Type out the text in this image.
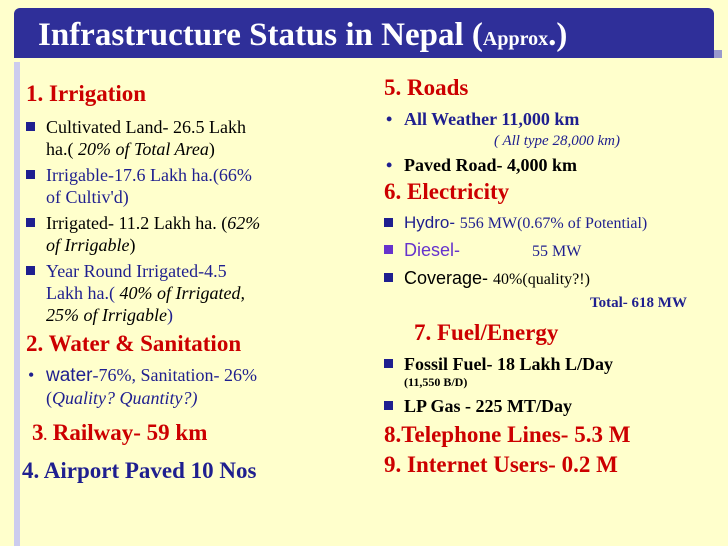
Infrastructure Status in Nepal (Approx.)
1. Irrigation
Cultivated Land- 26.5 Lakh
ha.( 20% of Total Area)
Irrigable-17.6 Lakh ha.(66%
of Cultiv'd)
Irrigated- 11.2 Lakh ha. (62%
of Irrigable)
Year Round Irrigated-4.5
Lakh ha.( 40% of Irrigated,
25% of Irrigable)
2. Water & Sanitation
• water-76%, Sanitation- 26%
(Quality? Quantity?)
3. Railway- 59 km
4. Airport Paved 10 Nos
5. Roads
• All Weather 11,000 km
( All type 28,000 km)
• Paved Road- 4,000 km
6. Electricity
Hydro- 556 MW(0.67% of Potential)
Diesel-	55 MW
Coverage- 40%(quality?!)
Total- 618 MW
7. Fuel/Energy
Fossil Fuel- 18 Lakh L/Day
(11,550 B/D)
LP Gas - 225 MT/Day
8.Telephone Lines- 5.3 M
9. Internet Users- 0.2 M
